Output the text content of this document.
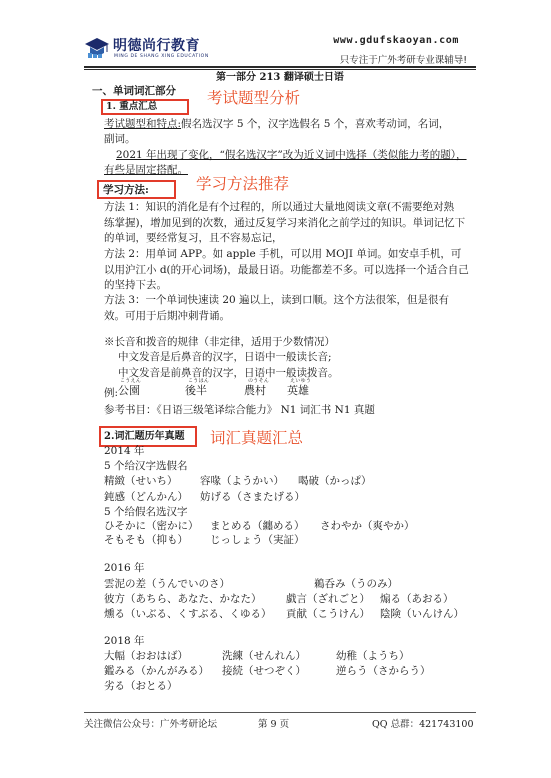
明德尚行教育
MING DE SHANG XING EDUCATION
www.gdufskaoyan.com
只专注于广外考研专业课辅导!
第一部分 213 翻译硕士日语
一、单词词汇部分
1. 重点汇总	考试题型分析
考试题型和特点:假名选汉字 5 个，汉字选假名 5 个，喜欢考动词，名词，
副词。
2021 年出现了变化，“假名选汉字”改为近义词中选择（类似能力考的题），
有些是固定搭配。
学习方法:	学习方法推荐
方法 1：知识的消化是有个过程的，所以通过大量地阅读文章(不需要绝对熟
练掌握)，增加见到的次数，通过反复学习来消化之前学过的知识。単词记忆下
的单词，要经常复习，且不容易忘记，
方法 2：用单词 APP。如 apple 手机，可以用 MOJI 单词。如安卓手机，可
以用沪江小 d(的开心词场)，最最日语。功能都差不多。可以选择一个适合自己
的坚持下去。
方法 3：一个单词快速读 20 遍以上，读到口顺。这个方法很笨，但是很有
效。可用于后期冲刺背诵。
※长音和拨音的规律（非定律，适用于少数情况）
中文发音是后鼻音的汉字，日语中一般读长音;
中文发音是前鼻音的汉字，日语中一般读拨音。
例:
こうえん
公園
こうはん
後半
のうそん
農村
えいゆう
英雄
参考书目：《日语三级笔译综合能力》 N1 词汇书 N1 真题
2.词汇题历年真题 词汇真题汇总
2014 年
5 个给汉字选假名
精緻（せいち） 容喙（ようかい） 喝破（かっぱ）
鈍感（どんかん） 妨げる（さまたげる）
5 个给假名选汉字
ひそかに（密かに） まとめる（纏める） さわやか（爽やか）
そもそも（抑も） じっしょう（実証）
2016 年
雲泥の差（うんでいのさ）	鵜呑み（うのみ）
彼方（あちら、あなた、かなた） 戯言（ざれごと） 煽る（あおる）
燻る（いぶる、くすぶる、くゆる） 貢献（こうけん） 陰険（いんけん）
2018 年
大幅（おおはば）	洗練（せんれん）	幼稚（ようち）
鑑みる（かんがみる） 接続（せつぞく）	逆らう（さからう）
劣る（おとる）
关注微信公众号：广外考研论坛	第 9 页	QQ 总群：421743100
